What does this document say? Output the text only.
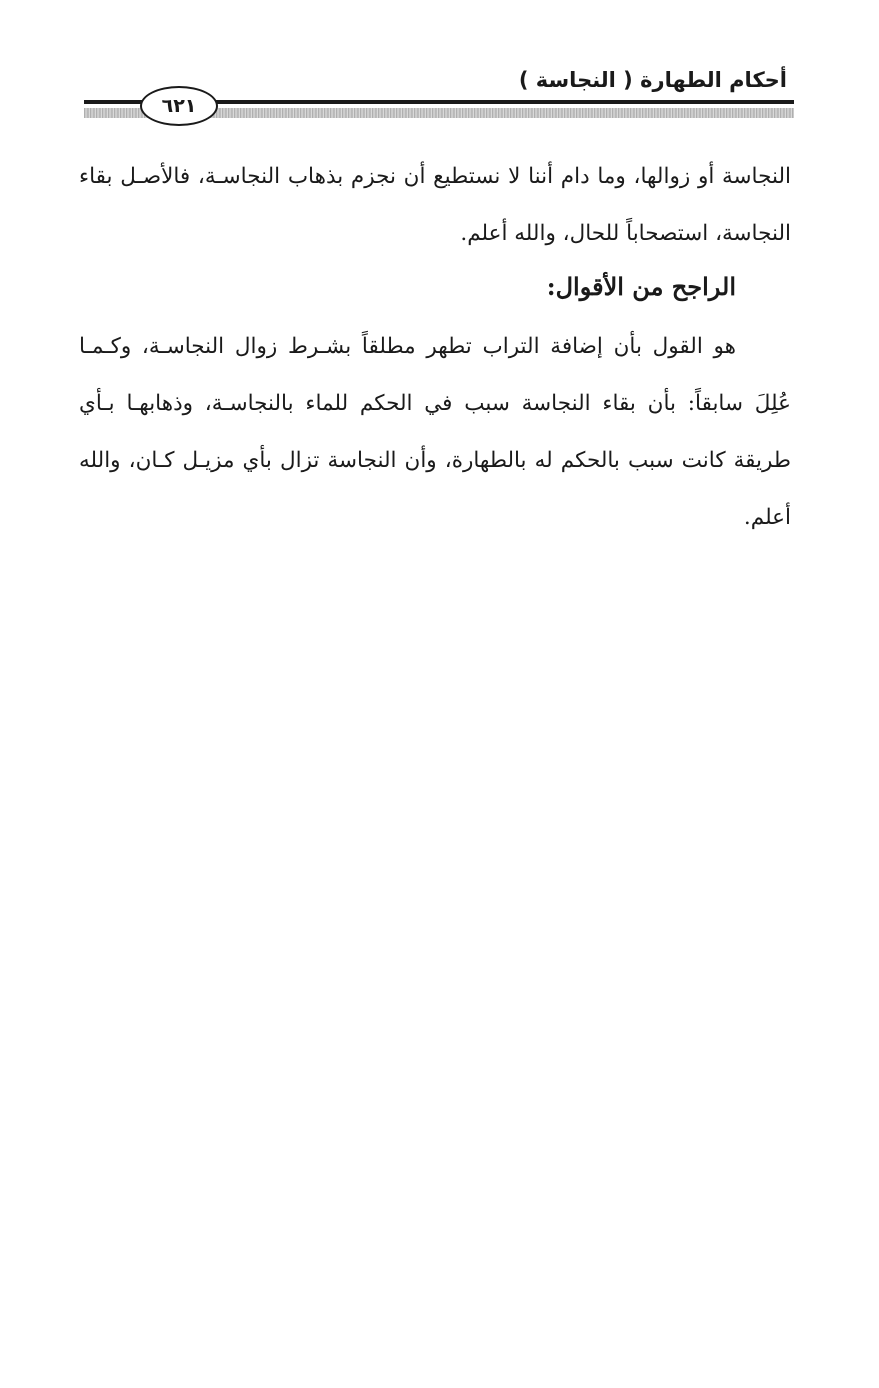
أحكام الطهارة ( النجاسة )
٦٢١

النجاسة أو زوالها، وما دام أننا لا نستطيع أن نجزم بذهاب النجاسـة، فالأصـل بقاء النجاسة، استصحاباً للحال، والله أعلم.

الراجح من الأقوال:

هو القول بأن إضافة التراب تطهر مطلقاً بشـرط زوال النجاسـة، وكـمـا عُلِلَ سابقاً: بأن بقاء النجاسة سبب في الحكم للماء بالنجاسـة، وذهابهـا بـأي طريقة كانت سبب بالحكم له بالطهارة، وأن النجاسة تزال بأي مزيـل كـان، والله أعلم.
